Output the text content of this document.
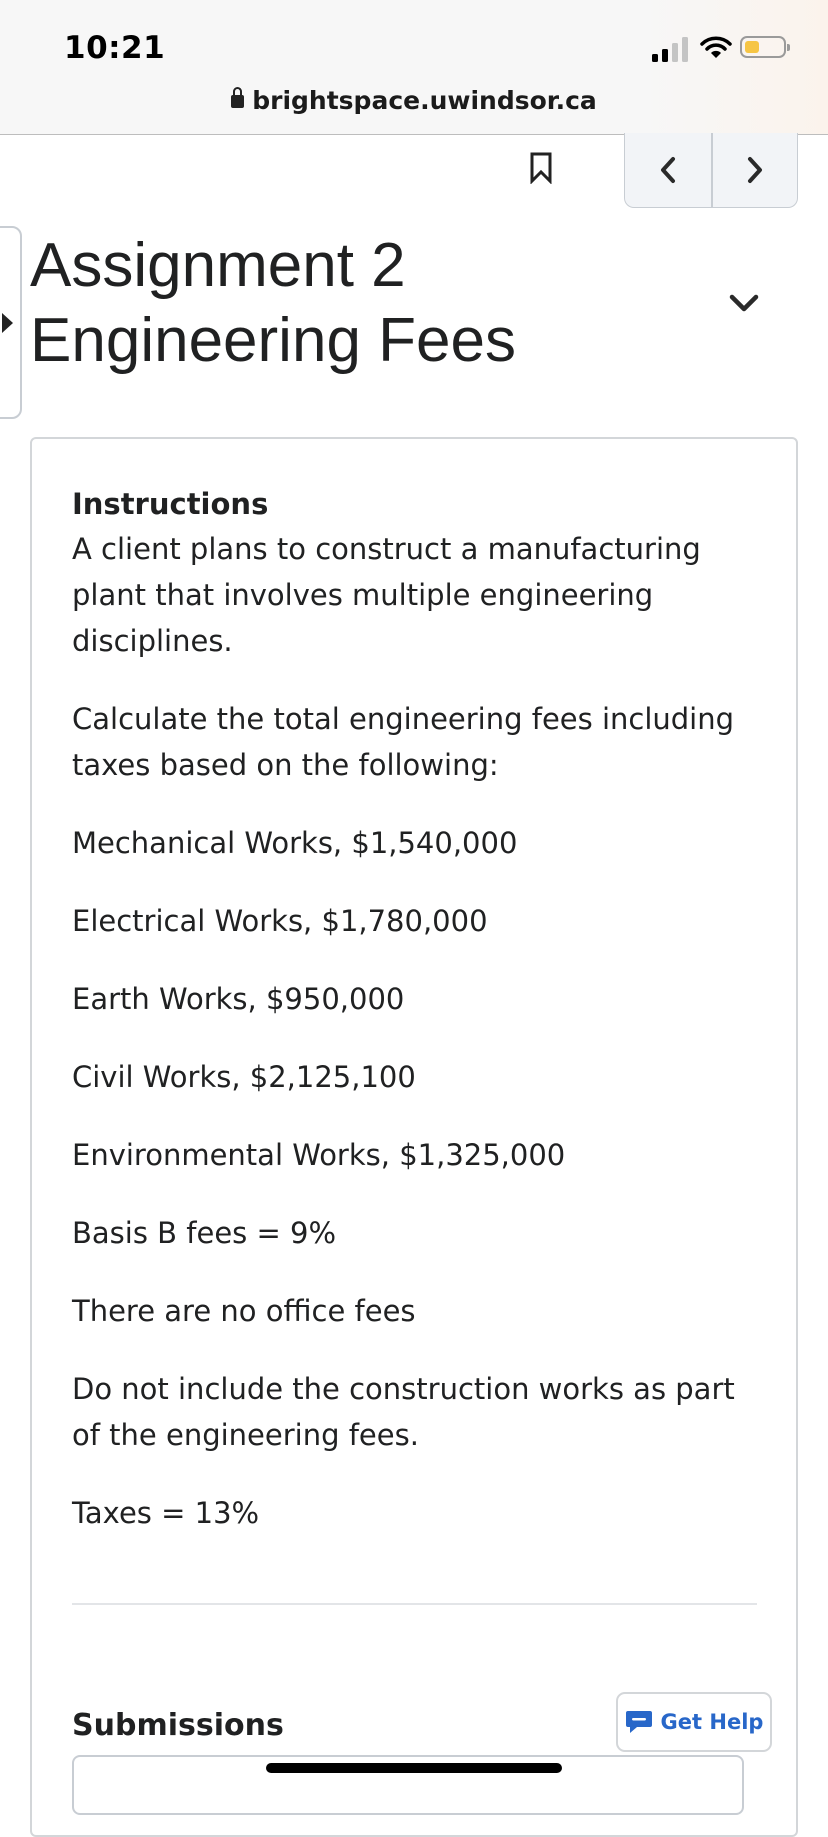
10:21
brightspace.uwindsor.ca
Assignment 2
Engineering Fees
Instructions
A client plans to construct a manufacturing
plant that involves multiple engineering
disciplines.
Calculate the total engineering fees including
taxes based on the following:
Mechanical Works, $1,540,000
Electrical Works, $1,780,000
Earth Works, $950,000
Civil Works, $2,125,100
Environmental Works, $1,325,000
Basis B fees = 9%
There are no office fees
Do not include the construction works as part
of the engineering fees.
Taxes = 13%
Submissions	Get Help
